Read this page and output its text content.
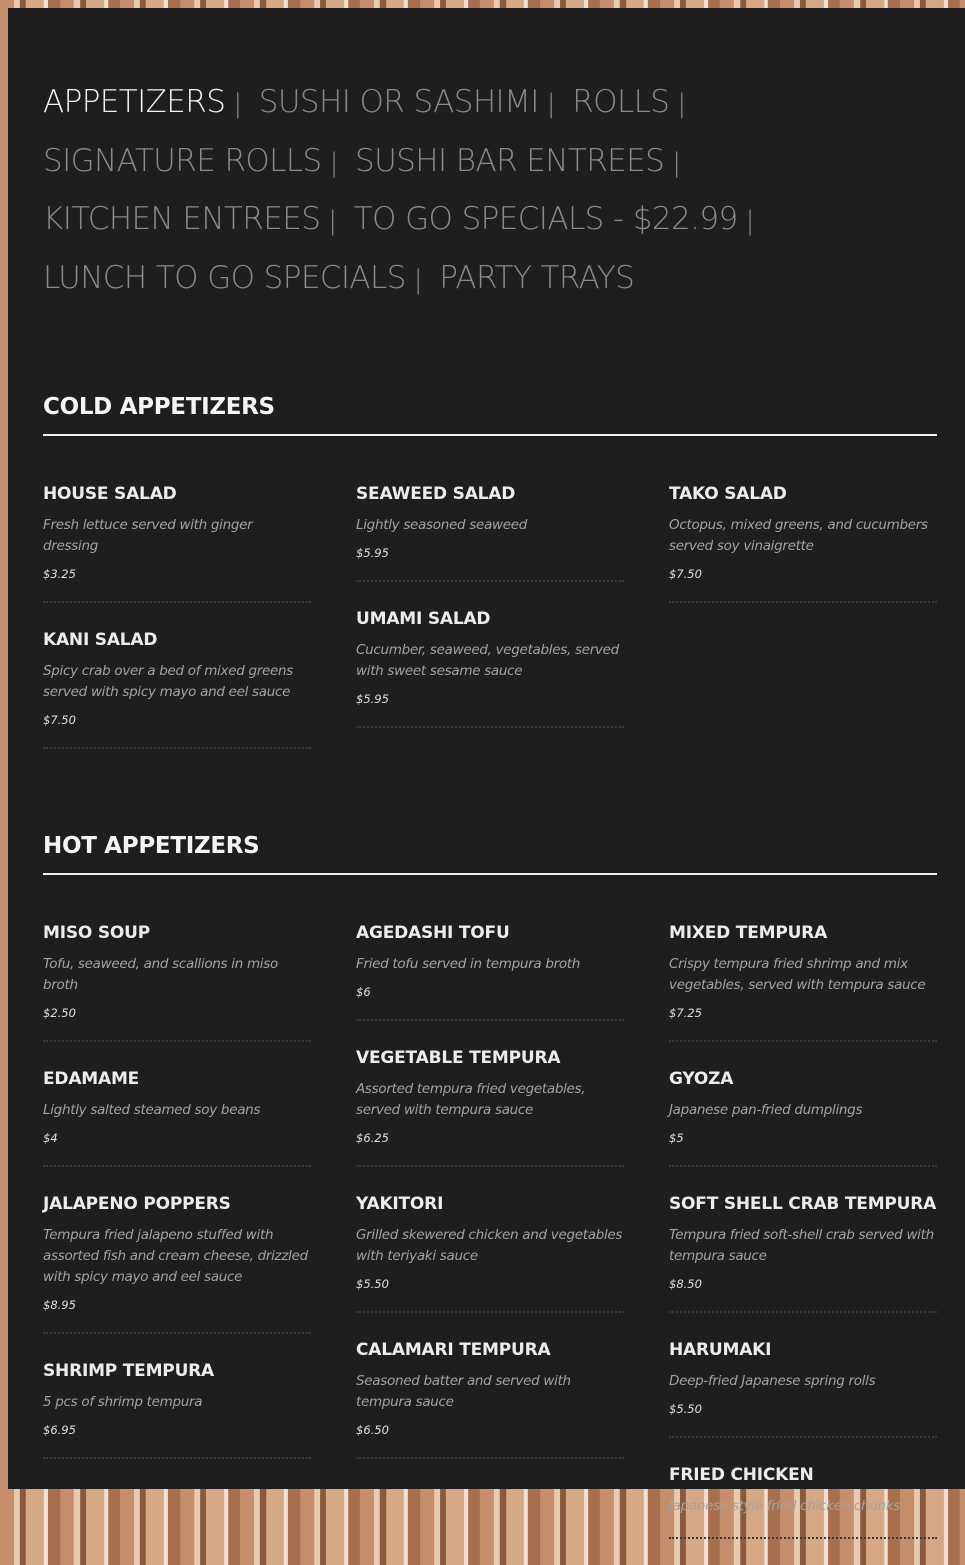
APPETIZERS | SUSHI OR SASHIMI | ROLLS | SIGNATURE ROLLS | SUSHI BAR ENTREES | KITCHEN ENTREES | TO GO SPECIALS - $22.99 | LUNCH TO GO SPECIALS | PARTY TRAYS
COLD APPETIZERS
HOUSE SALAD
Fresh lettuce served with ginger dressing
$3.25
KANI SALAD
Spicy crab over a bed of mixed greens served with spicy mayo and eel sauce
$7.50
SEAWEED SALAD
Lightly seasoned seaweed
$5.95
UMAMI SALAD
Cucumber, seaweed, vegetables, served with sweet sesame sauce
$5.95
TAKO SALAD
Octopus, mixed greens, and cucumbers served soy vinaigrette
$7.50
HOT APPETIZERS
MISO SOUP
Tofu, seaweed, and scallions in miso broth
$2.50
EDAMAME
Lightly salted steamed soy beans
$4
JALAPENO POPPERS
Tempura fried jalapeno stuffed with assorted fish and cream cheese, drizzled with spicy mayo and eel sauce
$8.95
SHRIMP TEMPURA
5 pcs of shrimp tempura
$6.95
AGEDASHI TOFU
Fried tofu served in tempura broth
$6
VEGETABLE TEMPURA
Assorted tempura fried vegetables, served with tempura sauce
$6.25
YAKITORI
Grilled skewered chicken and vegetables with teriyaki sauce
$5.50
CALAMARI TEMPURA
Seasoned batter and served with tempura sauce
$6.50
MIXED TEMPURA
Crispy tempura fried shrimp and mix vegetables, served with tempura sauce
$7.25
GYOZA
Japanese pan-fried dumplings
$5
SOFT SHELL CRAB TEMPURA
Tempura fried soft-shell crab served with tempura sauce
$8.50
HARUMAKI
Deep-fried Japanese spring rolls
$5.50
FRIED CHICKEN
Japanese style fried chicken chunks
